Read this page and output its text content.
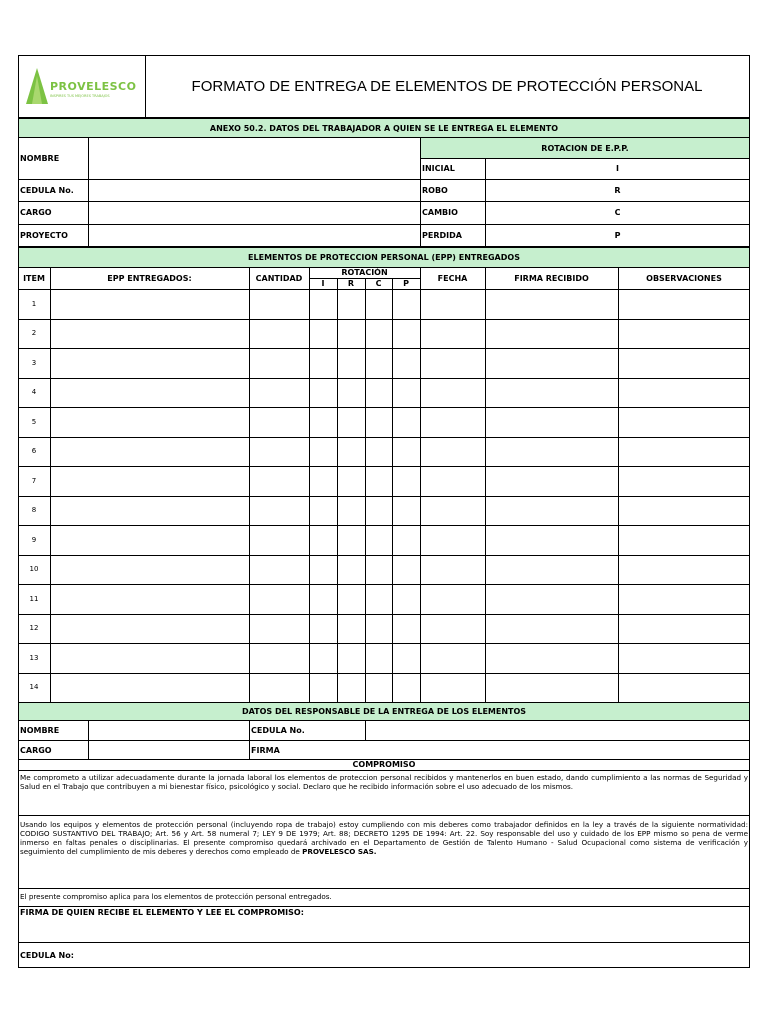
PROVELESCO
INSPIRES TUS MEJORES TRABAJOS
FORMATO DE ENTREGA DE ELEMENTOS DE PROTECCIÓN PERSONAL
ANEXO 50.2. DATOS DEL TRABAJADOR A QUIEN SE LE ENTREGA EL ELEMENTO
NOMBRE
CEDULA No.
CARGO
PROYECTO
ROTACION DE E.P.P.
INICIAL	I
ROBO	R
CAMBIO	C
PERDIDA	P
ELEMENTOS DE PROTECCION PERSONAL (EPP) ENTREGADOS
ITEM	EPP ENTREGADOS:	CANTIDAD
ROTACIÓN
I	R	C	P
FECHA	FIRMA RECIBIDO	OBSERVACIONES
1
2
3
4
5
6
7
8
9
10
11
12
13
14
DATOS DEL RESPONSABLE DE LA ENTREGA DE LOS ELEMENTOS
NOMBRE	CEDULA No.
CARGO	FIRMA
COMPROMISO
Me comprometo a utilizar adecuadamente durante la jornada laboral los elementos de proteccion personal recibidos y mantenerlos en buen estado, dando cumplimiento a las normas de Seguridad y Salud en el Trabajo que contribuyen a mi bienestar físico, psicológico y social. Declaro que he recibido información sobre el uso adecuado de los mismos.
Usando los equipos y elementos de protección personal (incluyendo ropa de trabajo) estoy cumpliendo con mis deberes como trabajador definidos en la ley a través de la siguiente normatividad: CODIGO SUSTANTIVO DEL TRABAJO; Art. 56 y Art. 58 numeral 7; LEY 9 DE 1979; Art. 88; DECRETO 1295 DE 1994: Art. 22. Soy responsable del uso y cuidado de los EPP mismo so pena de verme inmerso en faltas penales o disciplinarias. El presente compromiso quedará archivado en el Departamento de Gestión de Talento Humano - Salud Ocupacional como sistema de verificación y seguimiento del cumplimiento de mis deberes y derechos como empleado de PROVELESCO SAS.
El presente compromiso aplica para los elementos de protección personal entregados.
FIRMA DE QUIEN RECIBE EL ELEMENTO Y LEE EL COMPROMISO:
CEDULA No:
